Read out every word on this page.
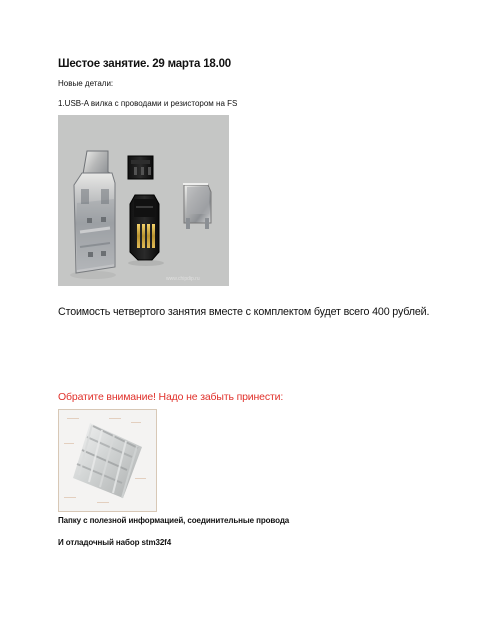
Шестое занятие. 29 марта 18.00
Новые детали:
1.USB-A вилка с проводами и резистором на FS
www.chipdip.ru
Стоимость четвертого занятия вместе с комплектом будет всего 400 рублей.
Обратите внимание! Надо не забыть принести:
Папку с полезной информацией, соединительные провода
И отладочный набор stm32f4
